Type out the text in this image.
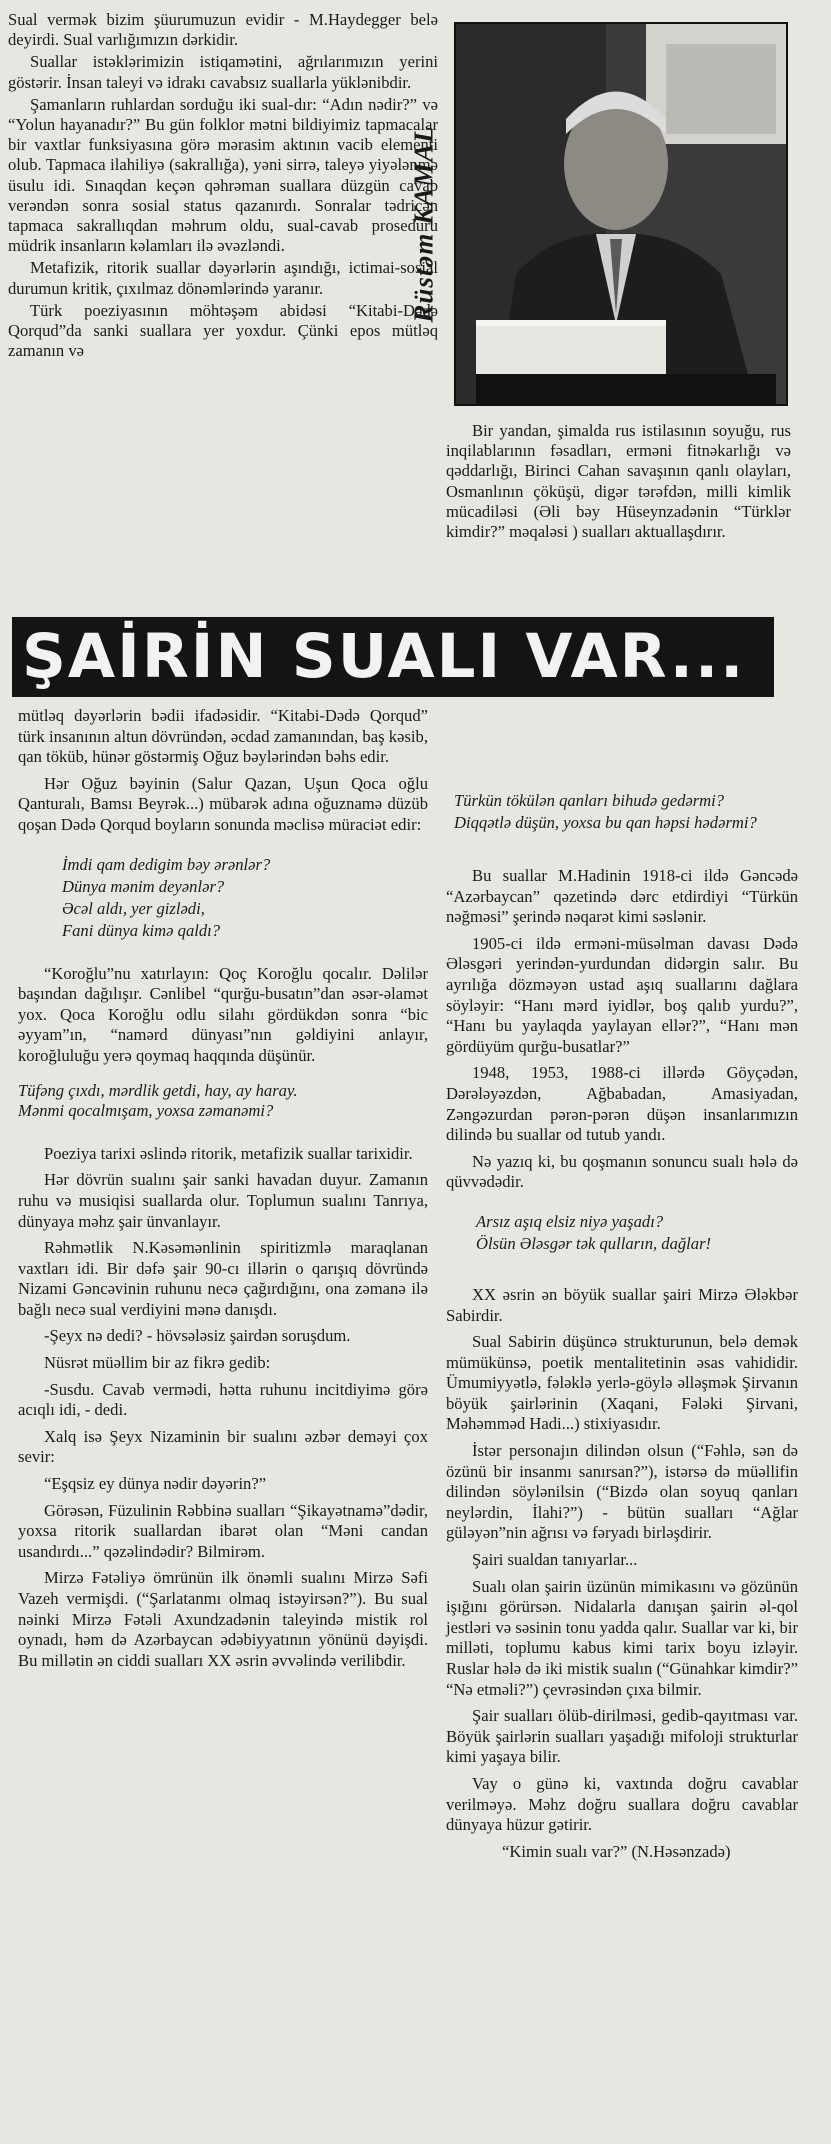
Sual vermək bizim şüurumuzun evidir - M.Haydegger belə deyirdi. Sual varlığımızın dərkidir.

Suallar istəklərimizin istiqamətini, ağrılarımızın yerini göstərir. İnsan taleyi və idrakı cavabsız suallarla yüklənibdir.

Şamanların ruhlardan sorduğu iki sual-dır: “Adın nədir?” və “Yolun hayanadır?” Bu gün folklor mətni bildiyimiz tapmacalar bir vaxtlar funksiyasına görə mərasim aktının vacib elementi olub. Tapmaca ilahiliyə (sakrallığa), yəni sirrə, taleyə yiyələnmə üsulu idi. Sınaqdan keçən qəhrəman suallara düzgün cavab verəndən sonra sosial status qazanırdı. Sonralar tədricən tapmaca sakrallıqdan məhrum oldu, sual-cavab proseduru müdrik insanların kəlamları ilə əvəzləndi.

Metafizik, ritorik suallar dəyərlərin aşındığı, ictimai-sosial durumun kritik, çıxılmaz dönəmlərində yaranır.

Türk poeziyasının möhtəşəm abidəsi “Kitabi-Dədə Qorqud”da sanki suallara yer yoxdur. Çünki epos mütləq zamanın və

Rüstəm KAMAL

Bir yandan, şimalda rus istilasının soyuğu, rus inqilablarının fəsadları, erməni fitnəkarlığı və qəddarlığı, Birinci Cahan savaşının qanlı olayları, Osmanlının çöküşü, digər tərəfdən, milli kimlik mücadiləsi (Əli bəy Hüseynzadənin “Türklər kimdir?” məqaləsi ) sualları aktuallaşdırır.

ŞAİRİN SUALI VAR...

mütləq dəyərlərin bədii ifadəsidir. “Kitabi-Dədə Qorqud” türk insanının altun dövründən, əcdad zamanından, baş kəsib, qan töküb, hünər göstərmiş Oğuz bəylərindən bəhs edir.

Hər Oğuz bəyinin (Salur Qazan, Uşun Qoca oğlu Qanturalı, Bamsı Beyrək...) mübarək adına oğuznamə düzüb qoşan Dədə Qorqud boyların sonunda məclisə müraciət edir:

İmdi qam dedigim bəy ərənlər?
Dünya mənim deyənlər?
Əcəl aldı, yer gizlədi,
Fani dünya kimə qaldı?

“Koroğlu”nu xatırlayın: Qoç Koroğlu qocalır. Dəlilər başından dağılışır. Cənlibel “qurğu-busatın”dan əsər-əlamət yox. Qoca Koroğlu odlu silahı gördükdən sonra “bic əyyam”ın, “namərd dünyası”nın gəldiyini anlayır, koroğluluğu yerə qoymaq haqqında düşünür.

Tüfəng çıxdı, mərdlik getdi, hay, ay haray.
Mənmi qocalmışam, yoxsa zəmanəmi?

Poeziya tarixi əslində ritorik, metafizik suallar tarixidir.

Hər dövrün sualını şair sanki havadan duyur. Zamanın ruhu və musiqisi suallarda olur. Toplumun sualını Tanrıya, dünyaya məhz şair ünvanlayır.

Rəhmətlik N.Kəsəmənlinin spiritizmlə maraqlanan vaxtları idi. Bir dəfə şair 90-cı illərin o qarışıq dövründə Nizami Gəncəvinin ruhunu necə çağırdığını, ona zəmanə ilə bağlı necə sual verdiyini mənə danışdı.

-Şeyx nə dedi? - hövsələsiz şairdən soruşdum.

Nüsrət müəllim bir az fikrə gedib:

-Susdu. Cavab vermədi, hətta ruhunu incitdiyimə görə acıqlı idi, - dedi.

Xalq isə Şeyx Nizaminin bir sualını əzbər deməyi çox sevir:

“Eşqsiz ey dünya nədir dəyərin?”

Görəsən, Füzulinin Rəbbinə sualları “Şikayətnamə”dədir, yoxsa ritorik suallardan ibarət olan “Məni candan usandırdı...” qəzəlindədir? Bilmirəm.

Mirzə Fətəliyə ömrünün ilk önəmli sualını Mirzə Səfi Vazeh vermişdi. (“Şarlatanmı olmaq istəyirsən?”). Bu sual nəinki Mirzə Fətəli Axundzadənin taleyində mistik rol oynadı, həm də Azərbaycan ədəbiyyatının yönünü dəyişdi. Bu millətin ən ciddi sualları XX əsrin əvvəlində verilibdir.

Türkün tökülən qanları bihudə gedərmi?
Diqqətlə düşün, yoxsa bu qan həpsi hədərmi?

Bu suallar M.Hadinin 1918-ci ildə Gəncədə “Azərbaycan” qəzetində dərc etdirdiyi “Türkün nəğməsi” şerində nəqarət kimi səslənir.

1905-ci ildə erməni-müsəlman davası Dədə Ələsgəri yerindən-yurdundan didərgin salır. Bu ayrılığa dözməyən ustad aşıq suallarını dağlara söyləyir: “Hanı mərd iyidlər, boş qalıb yurdu?”, “Hanı bu yaylaqda yaylayan ellər?”, “Hanı mən gördüyüm qurğu-busatlar?”

1948, 1953, 1988-ci illərdə Göyçədən, Dərələyəzdən, Ağbabadan, Amasiyadan, Zəngəzurdan pərən-pərən düşən insanlarımızın dilində bu suallar od tutub yandı.

Nə yazıq ki, bu qoşmanın sonuncu sualı hələ də qüvvədədir.

Arsız aşıq elsiz niyə yaşadı?
Ölsün Ələsgər tək qulların, dağlar!

XX əsrin ən böyük suallar şairi Mirzə Ələkbər Sabirdir.

Sual Sabirin düşüncə strukturunun, belə demək mümükünsə, poetik mentalitetinin əsas vahididir. Ümumiyyətlə, fələklə yerlə-göylə əlləşmək Şirvanın böyük şairlərinin (Xaqani, Fələki Şirvani, Məhəmməd Hadi...) stixiyasıdır.

İstər personajın dilindən olsun (“Fəhlə, sən də özünü bir insanmı sanırsan?”), istərsə də müəllifin dilindən söylənilsin (“Bizdə olan soyuq qanları neylərdin, İlahi?”) - bütün sualları “Ağlar güləyən”nin ağrısı və fəryadı birləşdirir.

Şairi sualdan tanıyarlar...

Sualı olan şairin üzünün mimikasını və gözünün işığını görürsən. Nidalarla danışan şairin əl-qol jestləri və səsinin tonu yadda qalır. Suallar var ki, bir milləti, toplumu kabus kimi tarix boyu izləyir. Ruslar hələ də iki mistik sualın (“Günahkar kimdir?” “Nə etməli?”) çevrəsindən çıxa bilmir.

Şair sualları ölüb-dirilməsi, gedib-qayıtması var. Böyük şairlərin sualları yaşadığı mifoloji strukturlar kimi yaşaya bilir.

Vay o günə ki, vaxtında doğru cavablar verilməyə. Məhz doğru suallara doğru cavablar dünyaya hüzur gətirir.

“Kimin sualı var?” (N.Həsənzadə)
